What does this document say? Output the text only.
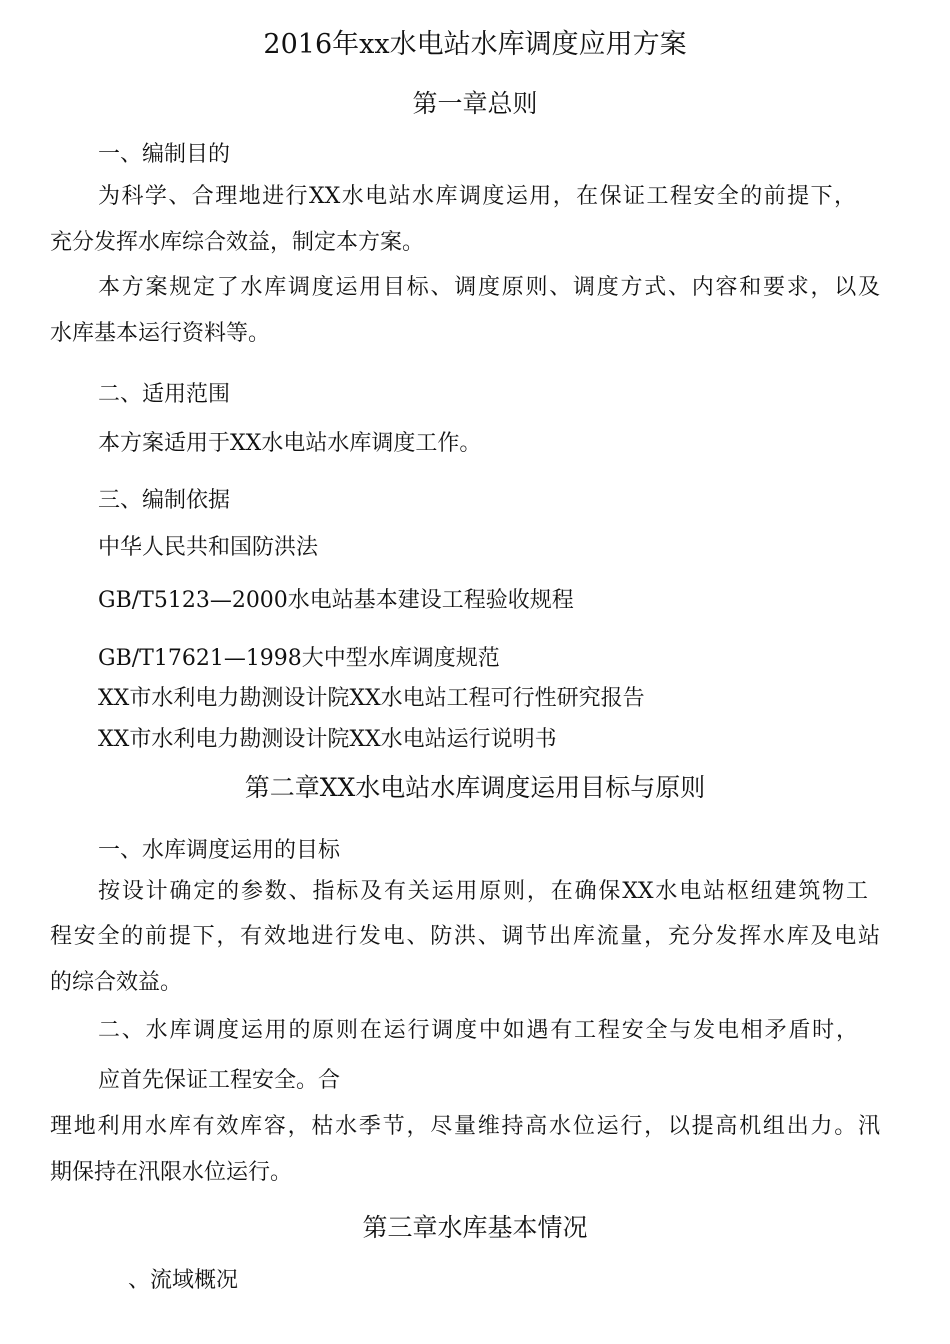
2016年xx水电站水库调度应用方案
第一章总则

一、编制目的

为科学、合理地进行XX水电站水库调度运用，在保证工程安全的前提下，

充分发挥水库综合效益，制定本方案。

本方案规定了水库调度运用目标、调度原则、调度方式、内容和要求，以及

水库基本运行资料等。

二、适用范围

本方案适用于XX水电站水库调度工作。

三、编制依据

中华人民共和国防洪法

GB/T5123—2000水电站基本建设工程验收规程

GB/T17621—1998大中型水库调度规范

XX市水利电力勘测设计院XX水电站工程可行性研究报告

XX市水利电力勘测设计院XX水电站运行说明书

第二章XX水电站水库调度运用目标与原则

一、水库调度运用的目标

按设计确定的参数、指标及有关运用原则，在确保XX水电站枢纽建筑物工

程安全的前提下，有效地进行发电、防洪、调节出库流量，充分发挥水库及电站

的综合效益。

二、水库调度运用的原则在运行调度中如遇有工程安全与发电相矛盾时，

应首先保证工程安全。合

理地利用水库有效库容，枯水季节，尽量维持高水位运行，以提高机组出力。汛

期保持在汛限水位运行。

第三章水库基本情况

、流域概况
